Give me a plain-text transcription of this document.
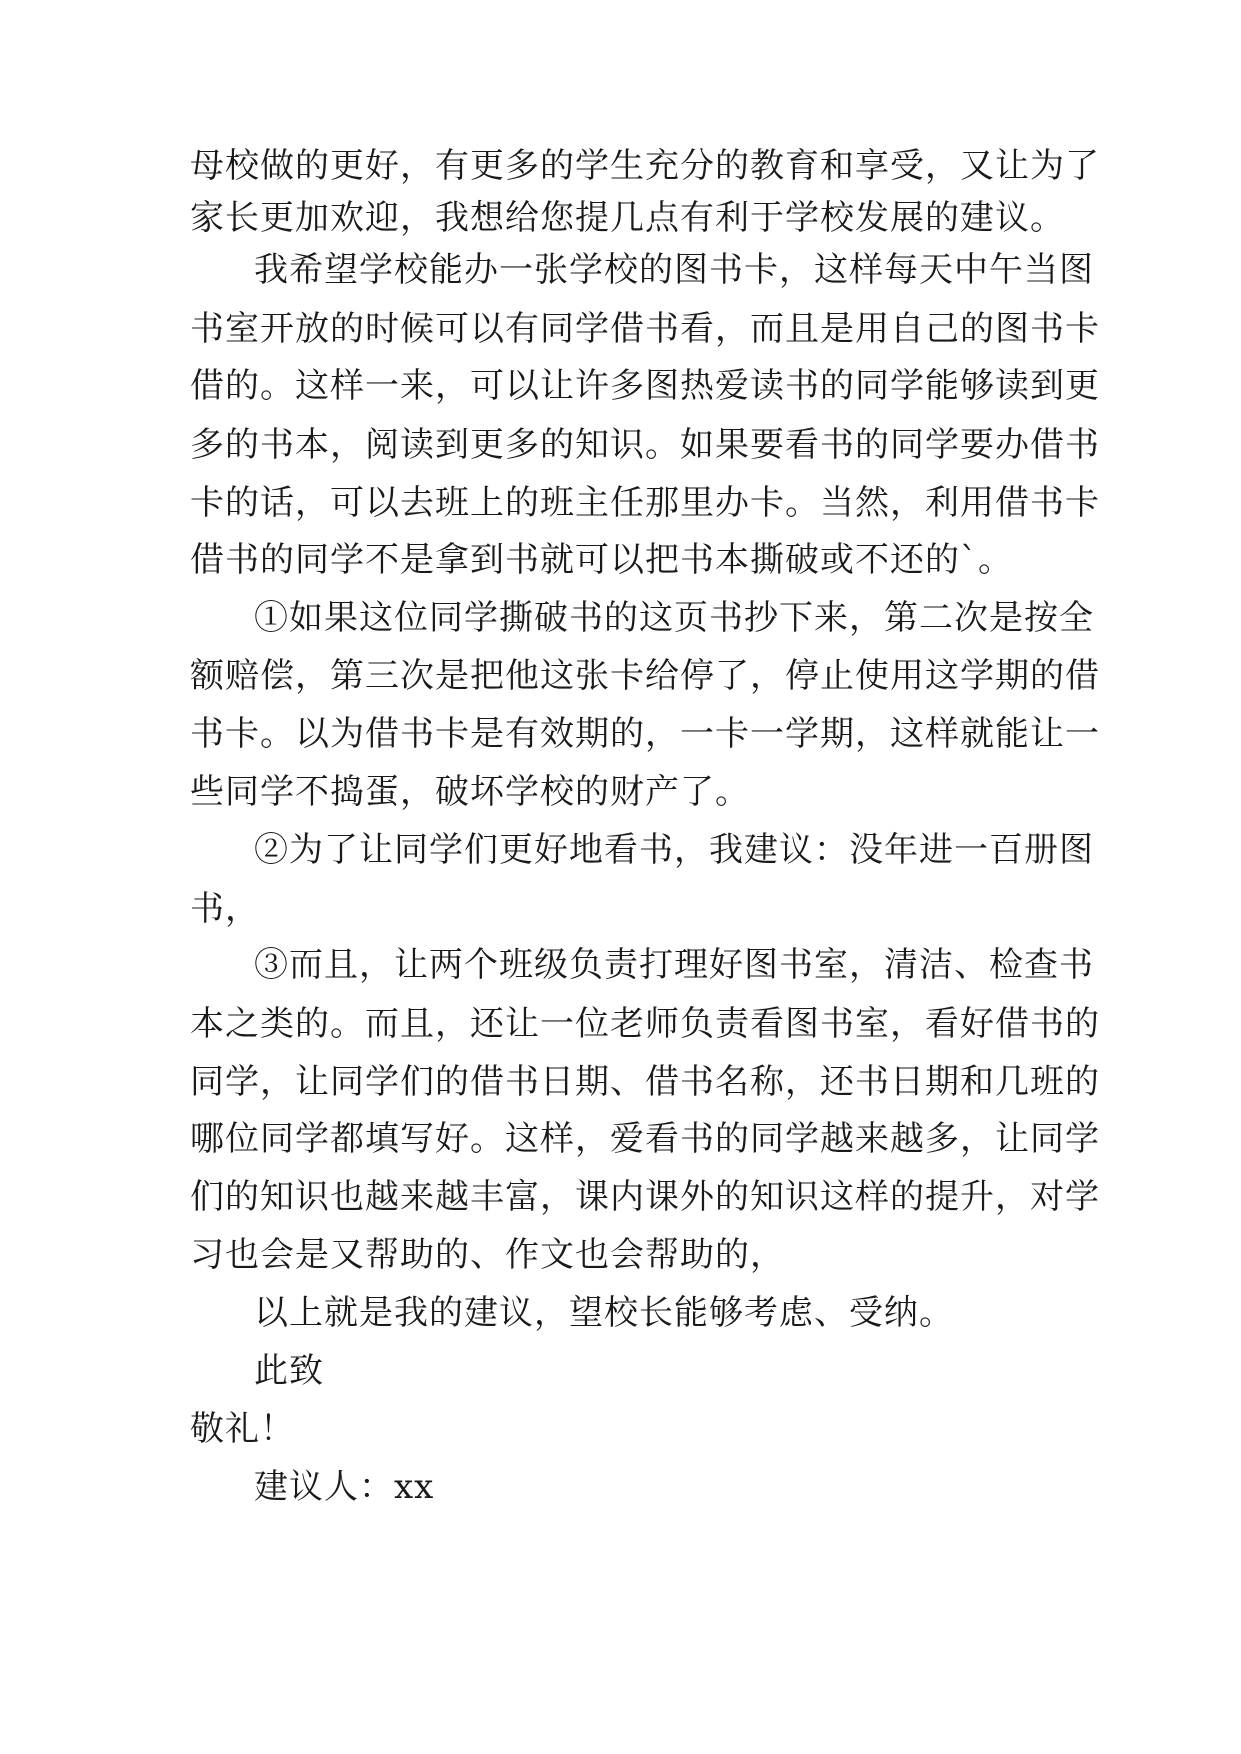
母校做的更好，有更多的学生充分的教育和享受，又让为了
家长更加欢迎，我想给您提几点有利于学校发展的建议。
我希望学校能办一张学校的图书卡，这样每天中午当图
书室开放的时候可以有同学借书看，而且是用自己的图书卡
借的。这样一来，可以让许多图热爱读书的同学能够读到更
多的书本，阅读到更多的知识。如果要看书的同学要办借书
卡的话，可以去班上的班主任那里办卡。当然，利用借书卡
借书的同学不是拿到书就可以把书本撕破或不还的`。
①如果这位同学撕破书的这页书抄下来，第二次是按全
额赔偿，第三次是把他这张卡给停了，停止使用这学期的借
书卡。以为借书卡是有效期的，一卡一学期，这样就能让一
些同学不捣蛋，破坏学校的财产了。
②为了让同学们更好地看书，我建议：没年进一百册图
书，
③而且，让两个班级负责打理好图书室，清洁、检查书
本之类的。而且，还让一位老师负责看图书室，看好借书的
同学，让同学们的借书日期、借书名称，还书日期和几班的
哪位同学都填写好。这样，爱看书的同学越来越多，让同学
们的知识也越来越丰富，课内课外的知识这样的提升，对学
习也会是又帮助的、作文也会帮助的，
以上就是我的建议，望校长能够考虑、受纳。
此致
敬礼！
建议人：xx
